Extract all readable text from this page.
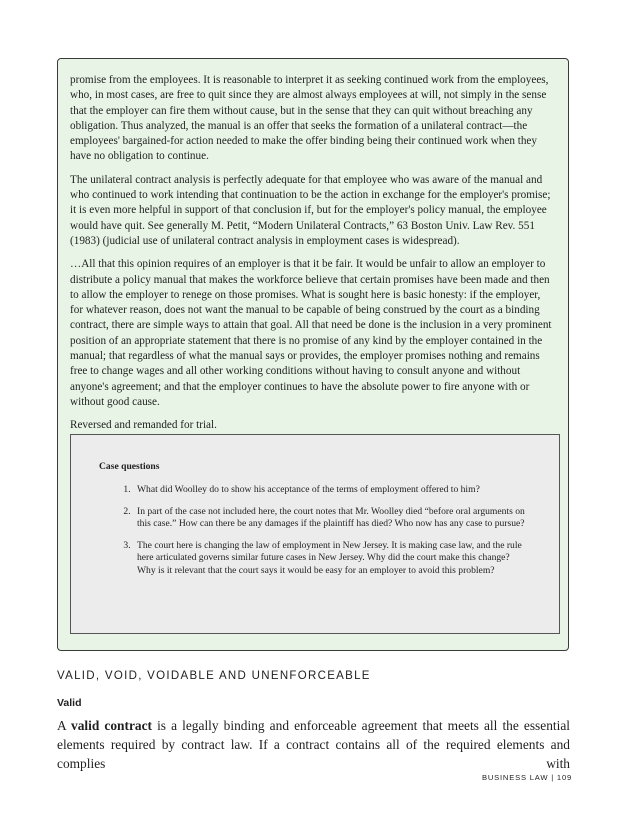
promise from the employees. It is reasonable to interpret it as seeking continued work from the employees, who, in most cases, are free to quit since they are almost always employees at will, not simply in the sense that the employer can fire them without cause, but in the sense that they can quit without breaching any obligation. Thus analyzed, the manual is an offer that seeks the formation of a unilateral contract—the employees' bargained-for action needed to make the offer binding being their continued work when they have no obligation to continue.

The unilateral contract analysis is perfectly adequate for that employee who was aware of the manual and who continued to work intending that continuation to be the action in exchange for the employer's promise; it is even more helpful in support of that conclusion if, but for the employer's policy manual, the employee would have quit. See generally M. Petit, “Modern Unilateral Contracts,” 63 Boston Univ. Law Rev. 551 (1983) (judicial use of unilateral contract analysis in employment cases is widespread).

…All that this opinion requires of an employer is that it be fair. It would be unfair to allow an employer to distribute a policy manual that makes the workforce believe that certain promises have been made and then to allow the employer to renege on those promises. What is sought here is basic honesty: if the employer, for whatever reason, does not want the manual to be capable of being construed by the court as a binding contract, there are simple ways to attain that goal. All that need be done is the inclusion in a very prominent position of an appropriate statement that there is no promise of any kind by the employer contained in the manual; that regardless of what the manual says or provides, the employer promises nothing and remains free to change wages and all other working conditions without having to consult anyone and without anyone's agreement; and that the employer continues to have the absolute power to fire anyone with or without good cause.

Reversed and remanded for trial.

Case questions
1. What did Woolley do to show his acceptance of the terms of employment offered to him?
2. In part of the case not included here, the court notes that Mr. Woolley died “before oral arguments on this case.” How can there be any damages if the plaintiff has died? Who now has any case to pursue?
3. The court here is changing the law of employment in New Jersey. It is making case law, and the rule here articulated governs similar future cases in New Jersey. Why did the court make this change? Why is it relevant that the court says it would be easy for an employer to avoid this problem?
VALID, VOID, VOIDABLE AND UNENFORCEABLE
Valid

A valid contract is a legally binding and enforceable agreement that meets all the essential elements required by contract law. If a contract contains all of the required elements and complies with

BUSINESS LAW | 109
